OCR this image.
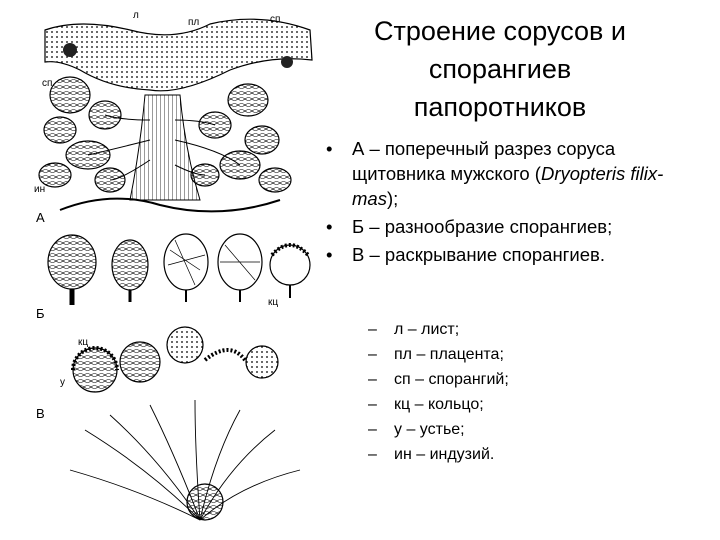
л
пл	сп
сп
ин
А
кц
Б
кц
у
В
Строение сорусов и спорангиев папоротников
• А – поперечный разрез соруса щитовника мужского (Dryopteris filix-mas);
• Б – разнообразие спорангиев;
• В – раскрывание спорангиев.
– л – лист;
– пл – плацента;
– сп – спорангий;
– кц – кольцо;
– у – устье;
– ин – индузий.
